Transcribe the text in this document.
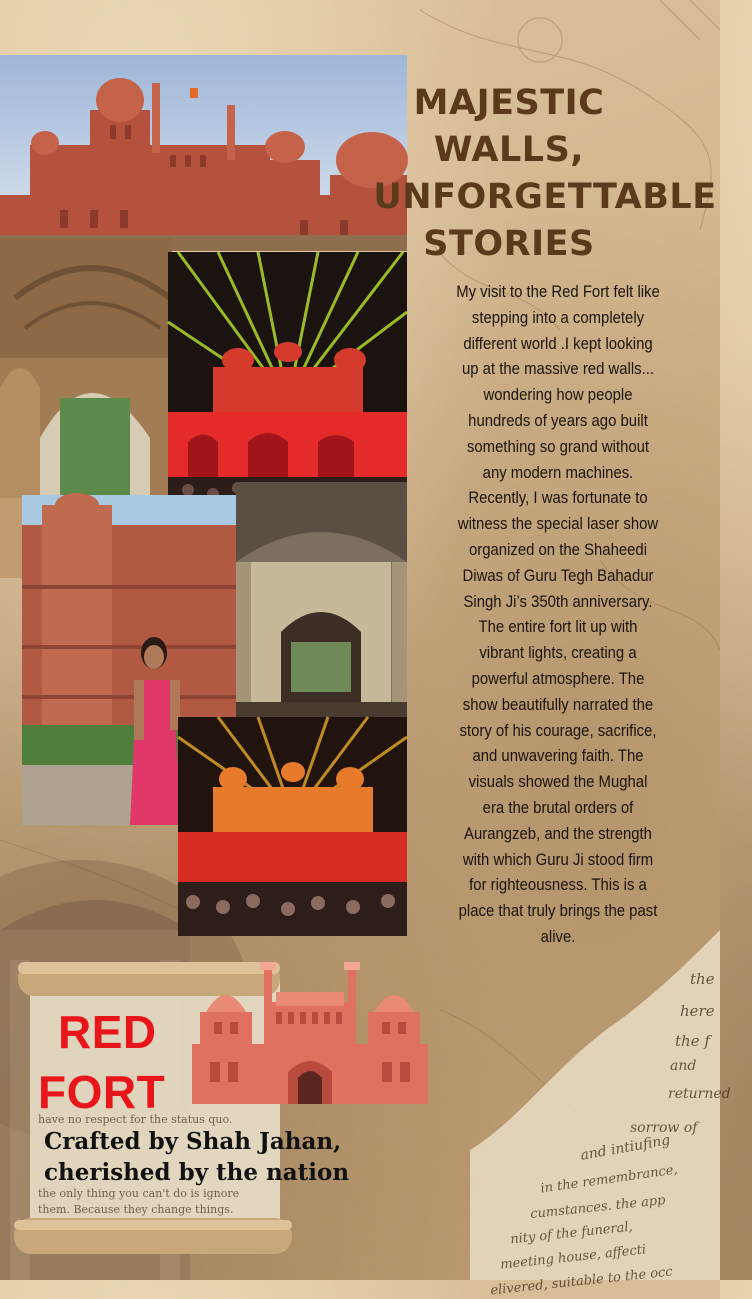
the
here
the f
and
returned
sorrow of
and intiufing
in the remembrance,
cumstances. the app
nity of the funeral,
meeting house, affecti
elivered, suitable to the occ
MAJESTIC
WALLS,
UNFORGETTABLE
STORIES
My visit to the Red Fort felt like stepping into a completely different world .I kept looking up at the massive red walls... wondering how people hundreds of years ago built something so grand without any modern machines. Recently, I was fortunate to witness the special laser show organized on the Shaheedi Diwas of Guru Tegh Bahadur Singh Ji’s 350th anniversary. The entire fort lit up with vibrant lights, creating a powerful atmosphere. The show beautifully narrated the story of his courage, sacrifice, and unwavering faith. The visuals showed the Mughal era the brutal orders of Aurangzeb, and the strength with which Guru Ji stood firm for righteousness. This is a place that truly brings the past alive.
have no respect for the status quo.
the only thing you can't do is ignore
them. Because they change things.
RED
FORT
Crafted by Shah Jahan,
cherished by the nation
